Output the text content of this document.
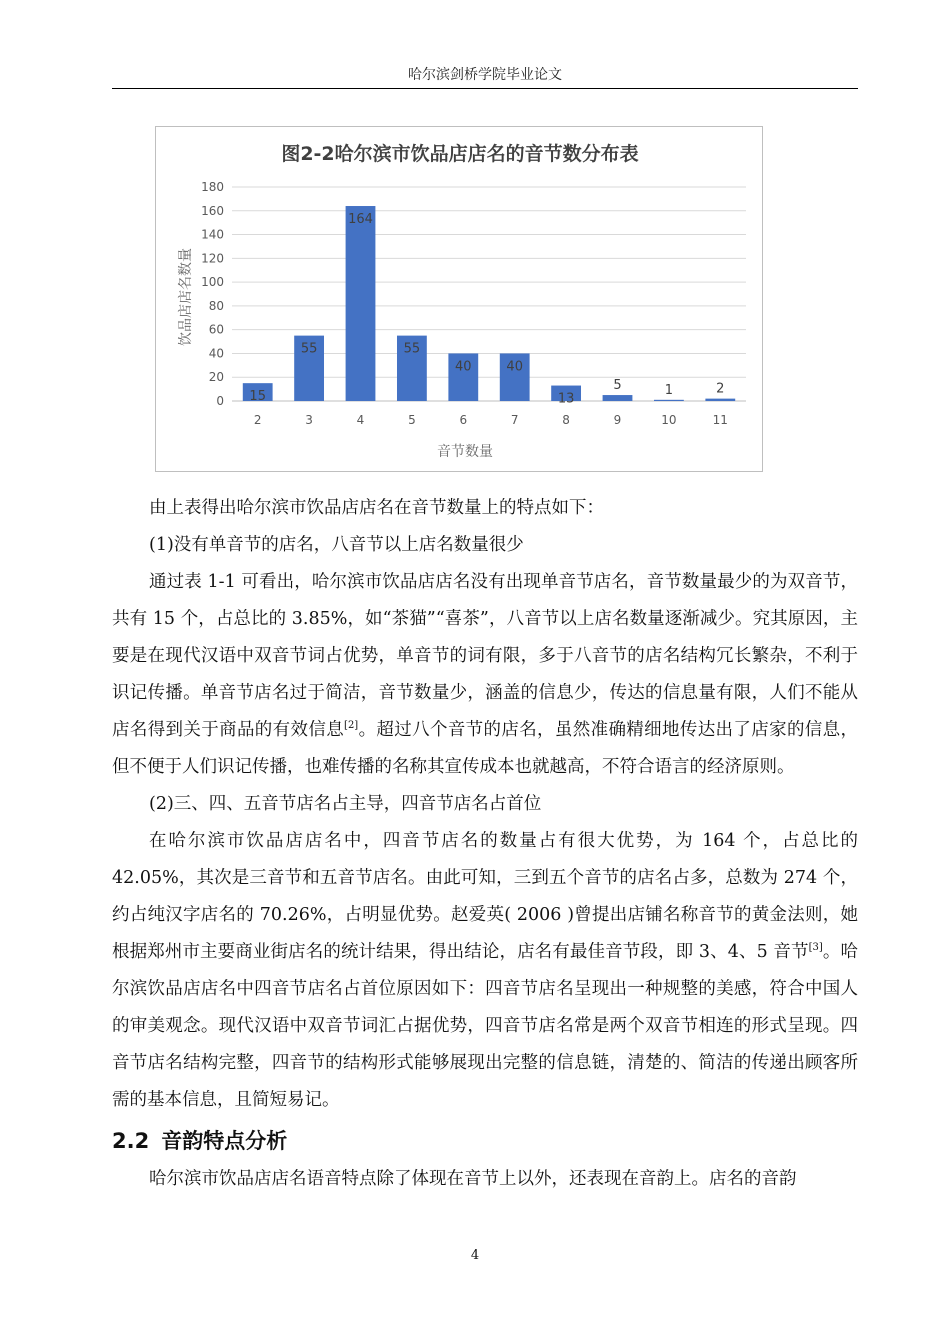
哈尔滨剑桥学院毕业论文
图2-2哈尔滨市饮品店店名的音节数分布表
0
20
40
60
80
100
120
140
160
180
15
55
164
55
40	40
13
5	1	2
2	3	4	5	6	7	8	9	10	11
饮品店店名数量
音节数量

由上表得出哈尔滨市饮品店店名在音节数量上的特点如下：

(1)没有单音节的店名，八音节以上店名数量很少

通过表 1-1 可看出，哈尔滨市饮品店店名没有出现单音节店名，音节数量最少的为双音节，共有 15 个，占总比的 3.85%，如“茶猫”“喜茶”，八音节以上店名数量逐渐减少。究其原因，主要是在现代汉语中双音节词占优势，单音节的词有限，多于八音节的店名结构冗长繁杂，不利于识记传播。单音节店名过于简洁，音节数量少，涵盖的信息少，传达的信息量有限，人们不能从店名得到关于商品的有效信息[2]。超过八个音节的店名，虽然准确精细地传达出了店家的信息，但不便于人们识记传播，也难传播的名称其宣传成本也就越高，不符合语言的经济原则。

(2)三、四、五音节店名占主导，四音节店名占首位

在哈尔滨市饮品店店名中，四音节店名的数量占有很大优势，为 164 个，占总比的 42.05%，其次是三音节和五音节店名。由此可知，三到五个音节的店名占多，总数为 274 个，约占纯汉字店名的 70.26%，占明显优势。赵爱英( 2006 )曾提出店铺名称音节的黄金法则，她根据郑州市主要商业街店名的统计结果，得出结论，店名有最佳音节段，即 3、4、5 音节[3]。哈尔滨饮品店店名中四音节店名占首位原因如下：四音节店名呈现出一种规整的美感，符合中国人的审美观念。现代汉语中双音节词汇占据优势，四音节店名常是两个双音节相连的形式呈现。四音节店名结构完整，四音节的结构形式能够展现出完整的信息链，清楚的、简洁的传递出顾客所需的基本信息，且简短易记。

2.2 音韵特点分析

哈尔滨市饮品店店名语音特点除了体现在音节上以外，还表现在音韵上。店名的音韵

4
